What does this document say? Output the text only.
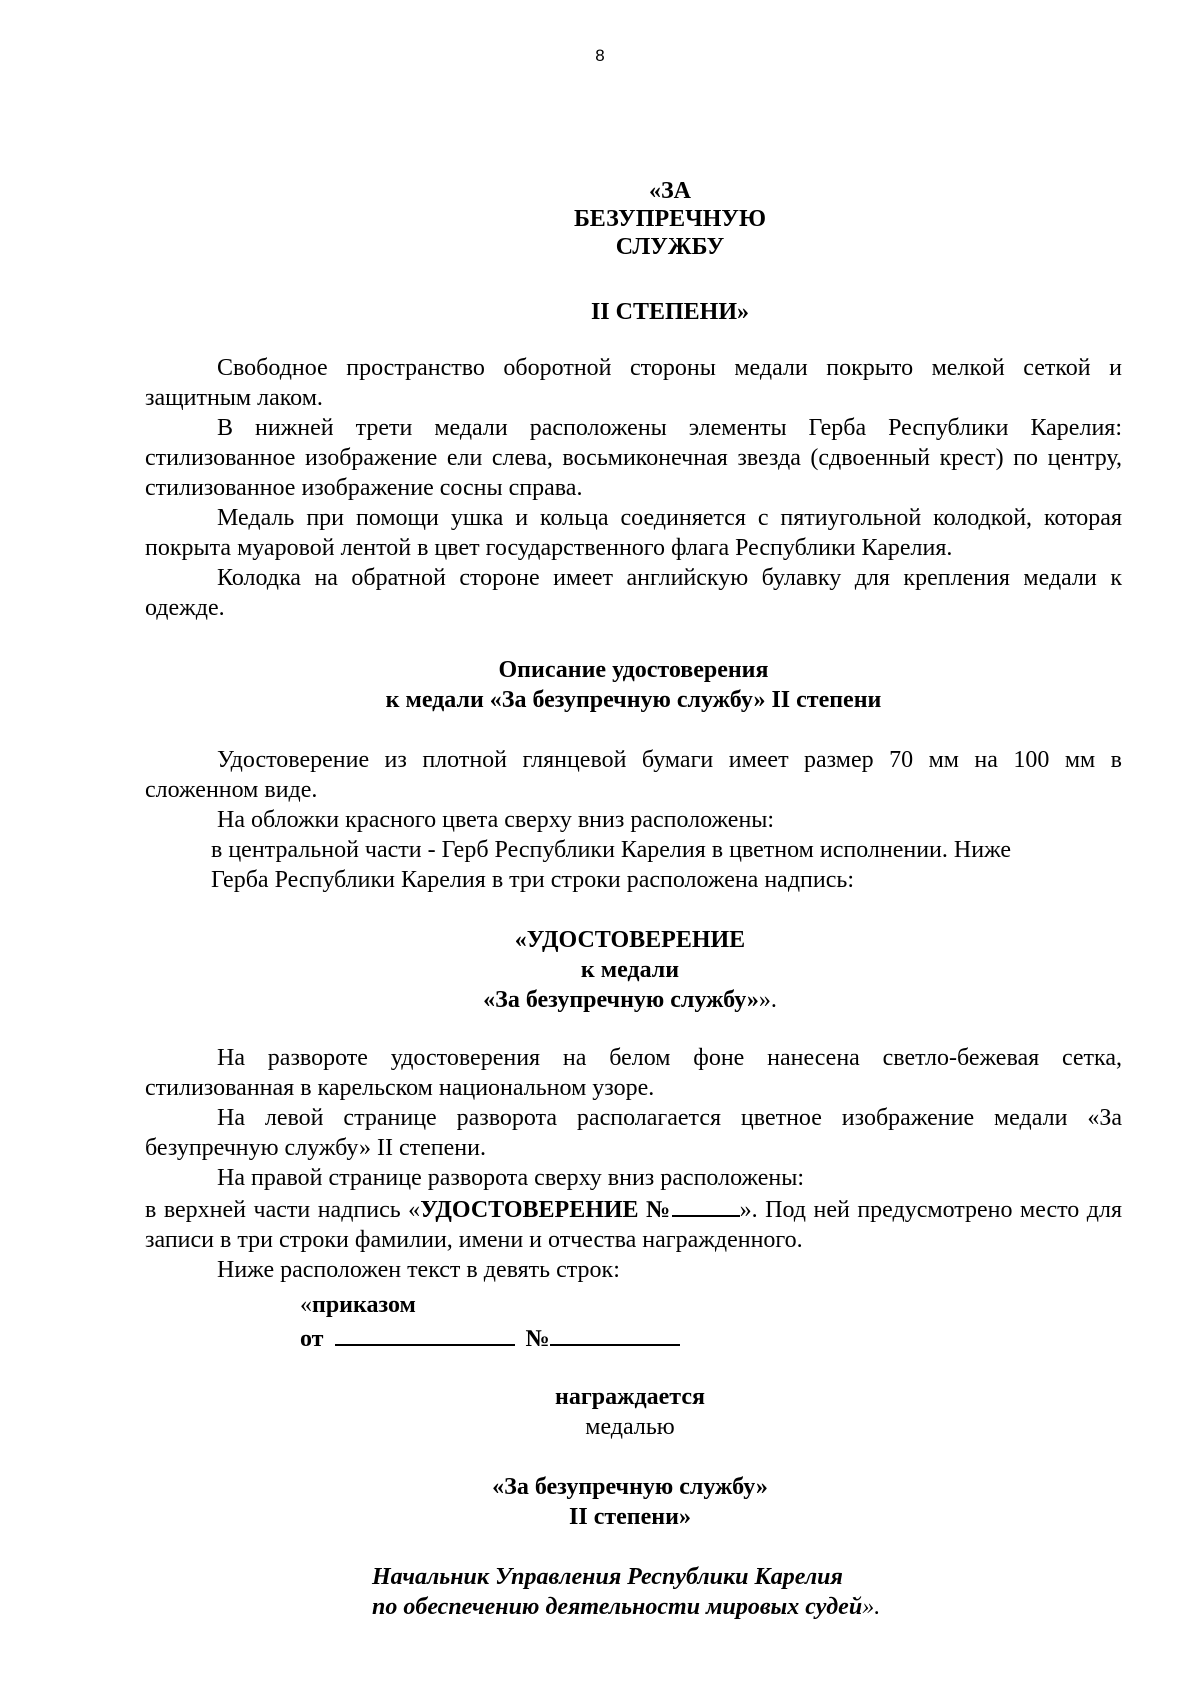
8
«ЗА
БЕЗУПРЕЧНУЮ
СЛУЖБУ
II СТЕПЕНИ»
Свободное пространство оборотной стороны медали покрыто мелкой сеткой и защитным лаком.
В нижней трети медали расположены элементы Герба Республики Карелия: стилизованное изображение ели слева, восьмиконечная звезда (сдвоенный крест) по центру, стилизованное изображение сосны справа.
Медаль при помощи ушка и кольца соединяется с пятиугольной колодкой, которая покрыта муаровой лентой в цвет государственного флага Республики Карелия.
Колодка на обратной стороне имеет английскую булавку для крепления медали к одежде.
Описание удостоверения
к медали «За безупречную службу» II степени
Удостоверение из плотной глянцевой бумаги имеет размер 70 мм на 100 мм в сложенном виде.
На обложки красного цвета сверху вниз расположены:
в центральной части - Герб Республики Карелия в цветном исполнении. Ниже
Герба Республики Карелия в три строки расположена надпись:
«УДОСТОВЕРЕНИЕ
к медали
«За безупречную службу»».
На развороте удостоверения на белом фоне нанесена светло-бежевая сетка, стилизованная в карельском национальном узоре.
На левой странице разворота располагается цветное изображение медали «За безупречную службу» II степени.
На правой странице разворота сверху вниз расположены:
в верхней части надпись «УДОСТОВЕРЕНИЕ №	». Под ней предусмотрено место для записи в три строки фамилии, имени и отчества награжденного.
Ниже расположен текст в девять строк:
«приказом
от	№
награждается
медалью
«За безупречную службу»
II степени»
Начальник Управления Республики Карелия
по обеспечению деятельности мировых судей».
